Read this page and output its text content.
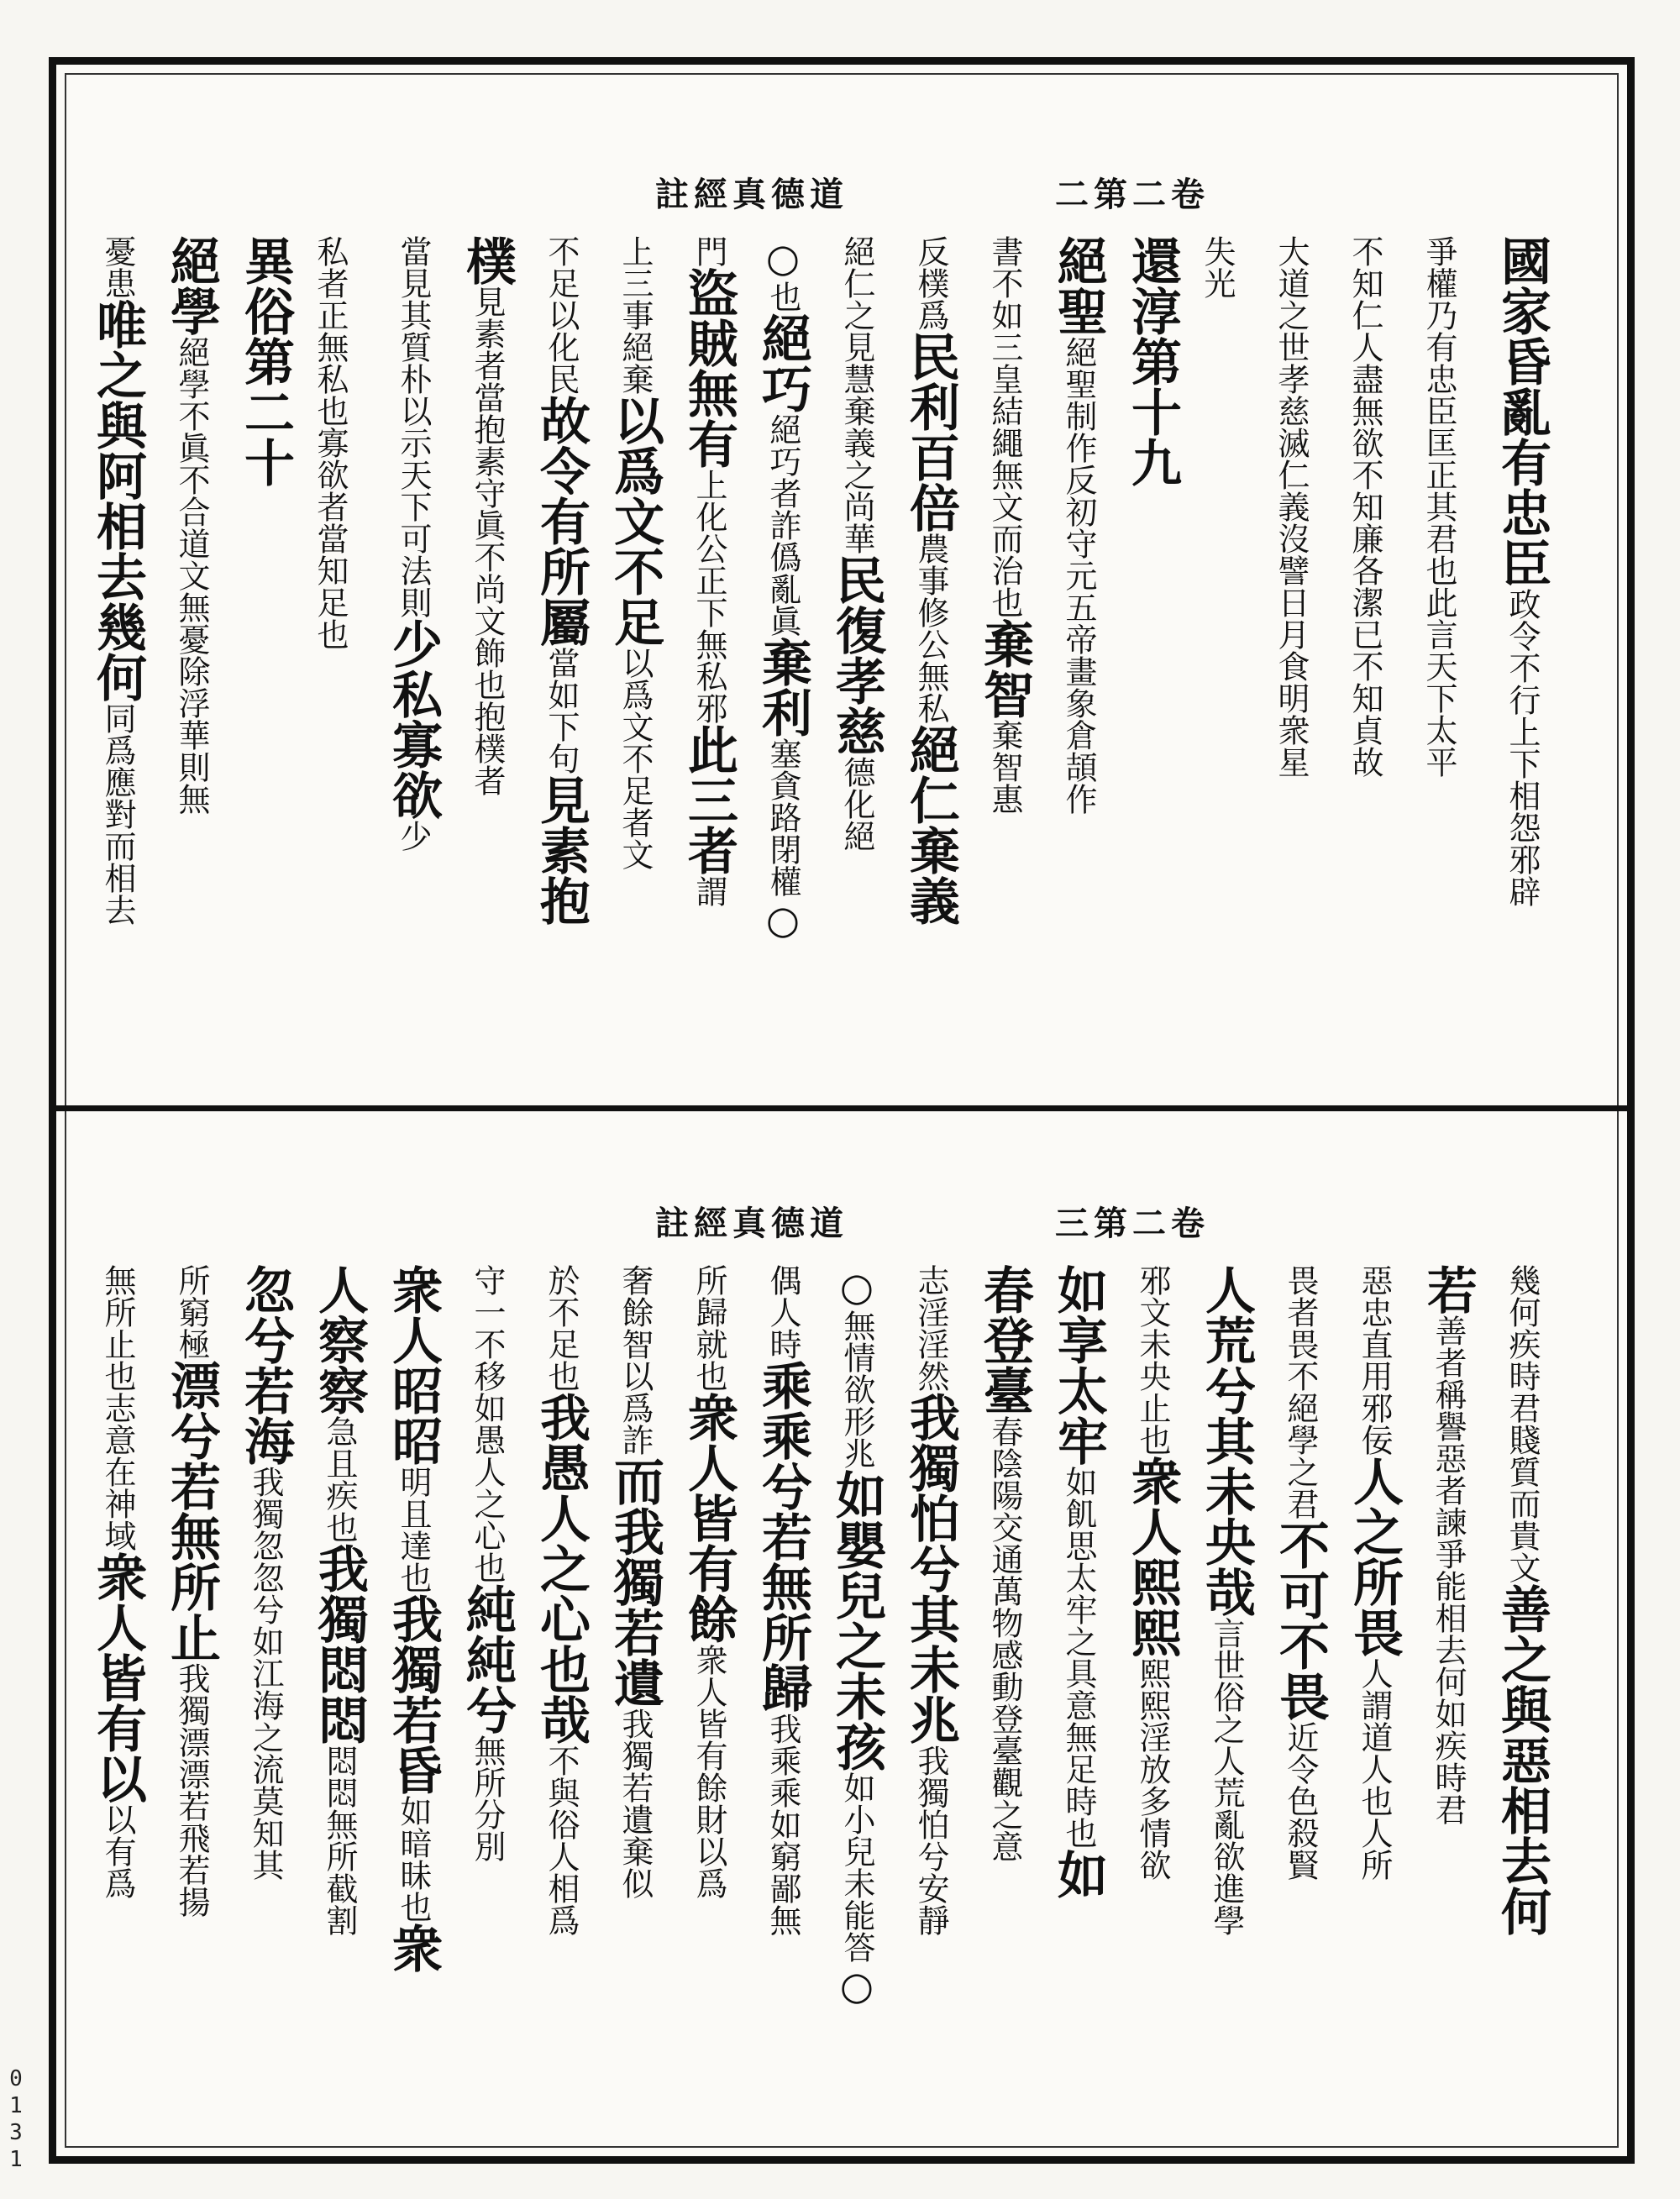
道德真經註	卷二第二
國家昏亂有忠臣政令不行上下相怨邪辟
爭權乃有忠臣匡正其君也此言天下太平
不知仁人盡無欲不知廉各潔已不知貞故
大道之世孝慈滅仁義沒譬日月食明衆星
失光
還淳第十九
絕聖絕聖制作反初守元五帝畫象倉頡作
書不如三皇結繩無文而治也棄智棄智惠
反樸爲民利百倍農事修公無私絕仁棄義
絕仁之見慧棄義之尚華民復孝慈德化絕
○也絕巧絕巧者詐僞亂眞棄利塞貪路閉權○
門盜賊無有上化公正下無私邪此三者謂
上三事絕棄以爲文不足以爲文不足者文
不足以化民故令有所屬當如下句見素抱
樸見素者當抱素守眞不尚文飾也抱樸者
當見其質朴以示天下可法則少私寡欲少
私者正無私也寡欲者當知足也
異俗第二十
絕學絕學不眞不合道文無憂除浮華則無
憂患唯之與阿相去幾何同爲應對而相去
道德真經註	卷二第三
幾何疾時君賤質而貴文善之與惡相去何
若善者稱譽惡者諫爭能相去何如疾時君
惡忠直用邪佞人之所畏人謂道人也人所
畏者畏不絕學之君不可不畏近令色殺賢
人荒兮其未央哉言世俗之人荒亂欲進學
邪文未央止也衆人熙熙熙熙淫放多情欲
如享太牢如飢思太牢之具意無足時也如
春登臺春陰陽交通萬物感動登臺觀之意
志淫淫然我獨怕兮其未兆我獨怕兮安靜
○無情欲形兆如嬰兒之未孩如小兒未能答○
偶人時乘乘兮若無所歸我乘乘如窮鄙無
所歸就也衆人皆有餘衆人皆有餘財以爲
奢餘智以爲詐而我獨若遺我獨若遺棄似
於不足也我愚人之心也哉不與俗人相爲
守一不移如愚人之心也純純兮無所分別
衆人昭昭明且達也我獨若昏如暗昧也衆
人察察急且疾也我獨悶悶悶悶無所截割
忽兮若海我獨忽忽兮如江海之流莫知其
所窮極漂兮若無所止我獨漂漂若飛若揚
無所止也志意在神域衆人皆有以以有爲
0131
